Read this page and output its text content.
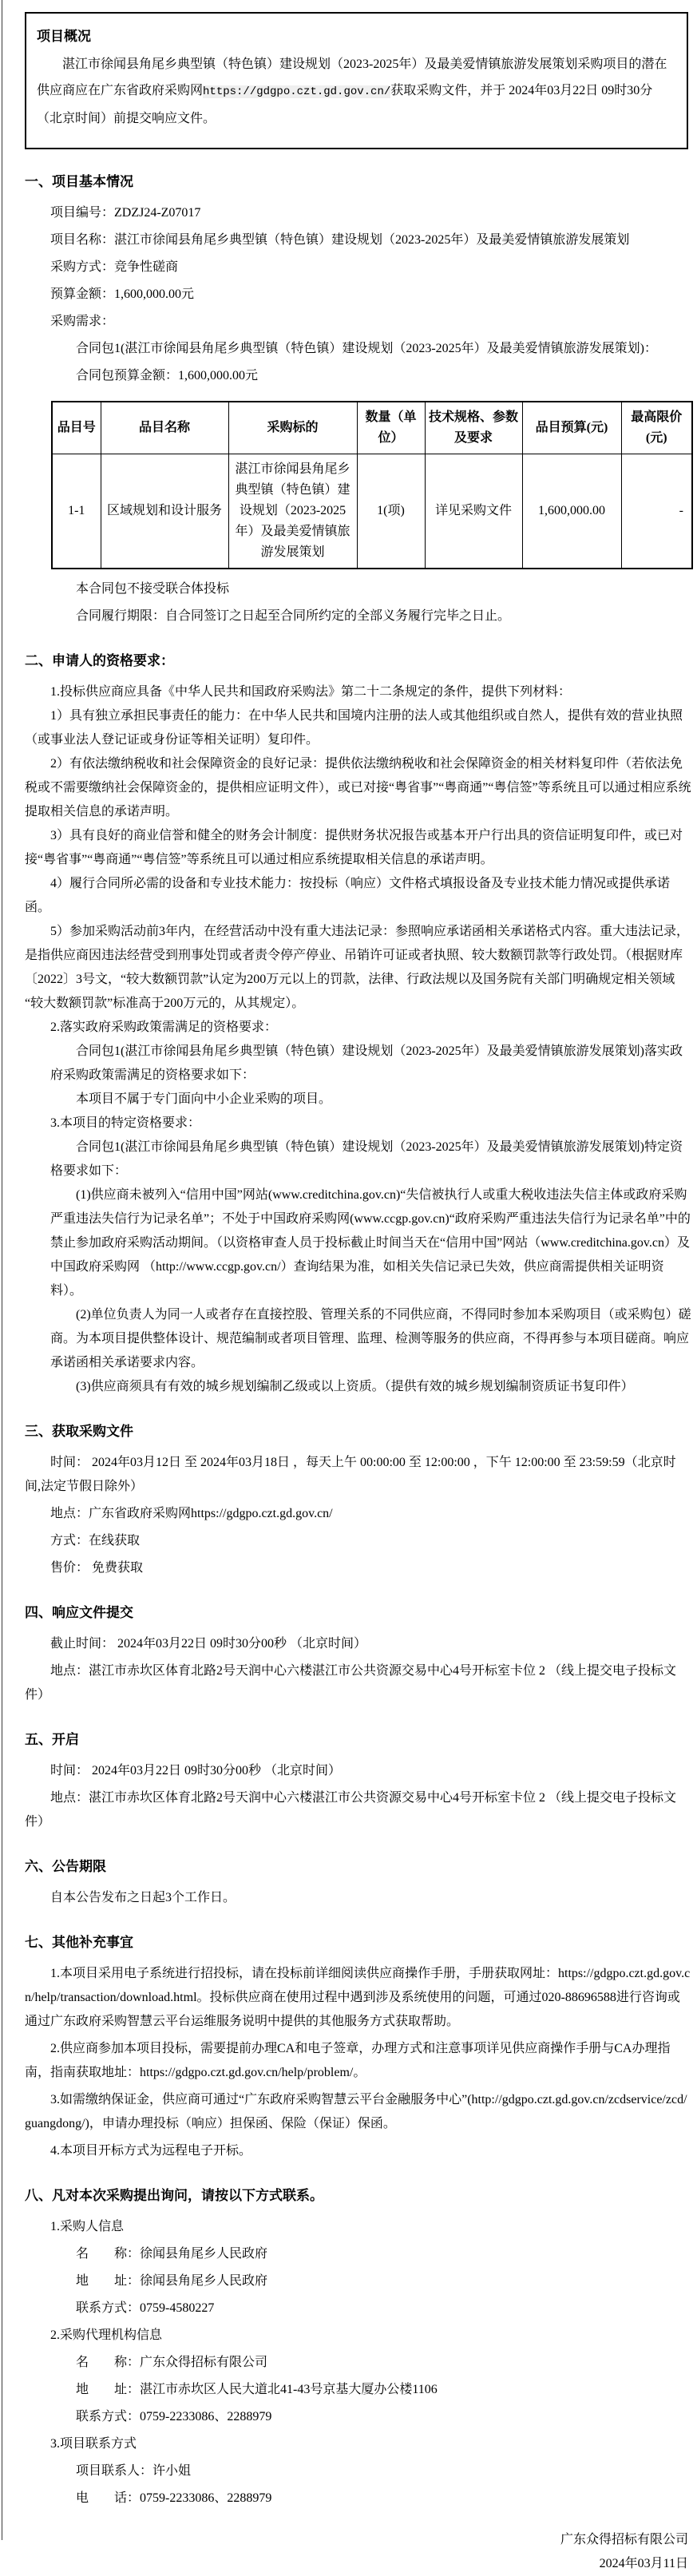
项目概况

湛江市徐闻县角尾乡典型镇（特色镇）建设规划（2023-2025年）及最美爱情镇旅游发展策划采购项目的潜在供应商应在广东省政府采购网https://gdgpo.czt.gd.gov.cn/获取采购文件，并于 2024年03月22日 09时30分 （北京时间）前提交响应文件。

一、项目基本情况

项目编号：ZDZJ24-Z07017

项目名称：湛江市徐闻县角尾乡典型镇（特色镇）建设规划（2023-2025年）及最美爱情镇旅游发展策划

采购方式：竞争性磋商

预算金额：1,600,000.00元

采购需求：

合同包1(湛江市徐闻县角尾乡典型镇（特色镇）建设规划（2023-2025年）及最美爱情镇旅游发展策划)：

合同包预算金额：1,600,000.00元

品目号	品目名称	采购标的	数量（单位）	技术规格、参数及要求	品目预算(元)	最高限价(元)
1-1	区域规划和设计服务	湛江市徐闻县角尾乡典型镇（特色镇）建设规划（2023-2025年）及最美爱情镇旅游发展策划	1(项)	详见采购文件	1,600,000.00	-

本合同包不接受联合体投标

合同履行期限：自合同签订之日起至合同所约定的全部义务履行完毕之日止。

二、申请人的资格要求：

1.投标供应商应具备《中华人民共和国政府采购法》第二十二条规定的条件，提供下列材料：

1）具有独立承担民事责任的能力：在中华人民共和国境内注册的法人或其他组织或自然人，提供有效的营业执照（或事业法人登记证或身份证等相关证明）复印件。

2）有依法缴纳税收和社会保障资金的良好记录：提供依法缴纳税收和社会保障资金的相关材料复印件（若依法免税或不需要缴纳社会保障资金的，提供相应证明文件），或已对接“粤省事”“粤商通”“粤信签”等系统且可以通过相应系统提取相关信息的承诺声明。

3）具有良好的商业信誉和健全的财务会计制度：提供财务状况报告或基本开户行出具的资信证明复印件，或已对接“粤省事”“粤商通”“粤信签”等系统且可以通过相应系统提取相关信息的承诺声明。

4）履行合同所必需的设备和专业技术能力：按投标（响应）文件格式填报设备及专业技术能力情况或提供承诺函。

5）参加采购活动前3年内，在经营活动中没有重大违法记录：参照响应承诺函相关承诺格式内容。重大违法记录，是指供应商因违法经营受到刑事处罚或者责令停产停业、吊销许可证或者执照、较大数额罚款等行政处罚。（根据财库〔2022〕3号文，“较大数额罚款”认定为200万元以上的罚款，法律、行政法规以及国务院有关部门明确规定相关领域“较大数额罚款”标准高于200万元的，从其规定）。

2.落实政府采购政策需满足的资格要求：

合同包1(湛江市徐闻县角尾乡典型镇（特色镇）建设规划（2023-2025年）及最美爱情镇旅游发展策划)落实政府采购政策需满足的资格要求如下：

本项目不属于专门面向中小企业采购的项目。

3.本项目的特定资格要求：

合同包1(湛江市徐闻县角尾乡典型镇（特色镇）建设规划（2023-2025年）及最美爱情镇旅游发展策划)特定资格要求如下：

(1)供应商未被列入“信用中国”网站(www.creditchina.gov.cn)“失信被执行人或重大税收违法失信主体或政府采购严重违法失信行为记录名单”；不处于中国政府采购网(www.ccgp.gov.cn)“政府采购严重违法失信行为记录名单”中的禁止参加政府采购活动期间。（以资格审查人员于投标截止时间当天在“信用中国”网站（www.creditchina.gov.cn）及中国政府采购网 （http://www.ccgp.gov.cn/）查询结果为准，如相关失信记录已失效，供应商需提供相关证明资料）。

(2)单位负责人为同一人或者存在直接控股、管理关系的不同供应商，不得同时参加本采购项目（或采购包）磋商。为本项目提供整体设计、规范编制或者项目管理、监理、检测等服务的供应商，不得再参与本项目磋商。响应承诺函相关承诺要求内容。

(3)供应商须具有有效的城乡规划编制乙级或以上资质。（提供有效的城乡规划编制资质证书复印件）

三、获取采购文件

时间： 2024年03月12日 至 2024年03月18日 ，每天上午 00:00:00 至 12:00:00 ，下午 12:00:00 至 23:59:59（北京时间,法定节假日除外）

地点：广东省政府采购网https://gdgpo.czt.gd.gov.cn/

方式：在线获取

售价： 免费获取

四、响应文件提交

截止时间： 2024年03月22日 09时30分00秒 （北京时间）

地点：湛江市赤坎区体育北路2号天润中心六楼湛江市公共资源交易中心4号开标室卡位 2 （线上提交电子投标文件）

五、开启

时间： 2024年03月22日 09时30分00秒 （北京时间）

地点：湛江市赤坎区体育北路2号天润中心六楼湛江市公共资源交易中心4号开标室卡位 2 （线上提交电子投标文件）

六、公告期限

自本公告发布之日起3个工作日。

七、其他补充事宜

1.本项目采用电子系统进行招投标，请在投标前详细阅读供应商操作手册，手册获取网址：https://gdgpo.czt.gd.gov.cn/help/transaction/download.html。投标供应商在使用过程中遇到涉及系统使用的问题，可通过020-88696588进行咨询或通过广东政府采购智慧云平台运维服务说明中提供的其他服务方式获取帮助。

2.供应商参加本项目投标，需要提前办理CA和电子签章，办理方式和注意事项详见供应商操作手册与CA办理指南，指南获取地址：https://gdgpo.czt.gd.gov.cn/help/problem/。

3.如需缴纳保证金，供应商可通过“广东政府采购智慧云平台金融服务中心”(http://gdgpo.czt.gd.gov.cn/zcdservice/zcd/guangdong/)，申请办理投标（响应）担保函、保险（保证）保函。

4.本项目开标方式为远程电子开标。

八、凡对本次采购提出询问，请按以下方式联系。

1.采购人信息

名　　称：徐闻县角尾乡人民政府

地　　址：徐闻县角尾乡人民政府

联系方式：0759-4580227

2.采购代理机构信息

名　　称：广东众得招标有限公司

地　　址：湛江市赤坎区人民大道北41-43号京基大厦办公楼1106

联系方式：0759-2233086、2288979

3.项目联系方式

项目联系人：许小姐

电　　话：0759-2233086、2288979

广东众得招标有限公司

2024年03月11日
